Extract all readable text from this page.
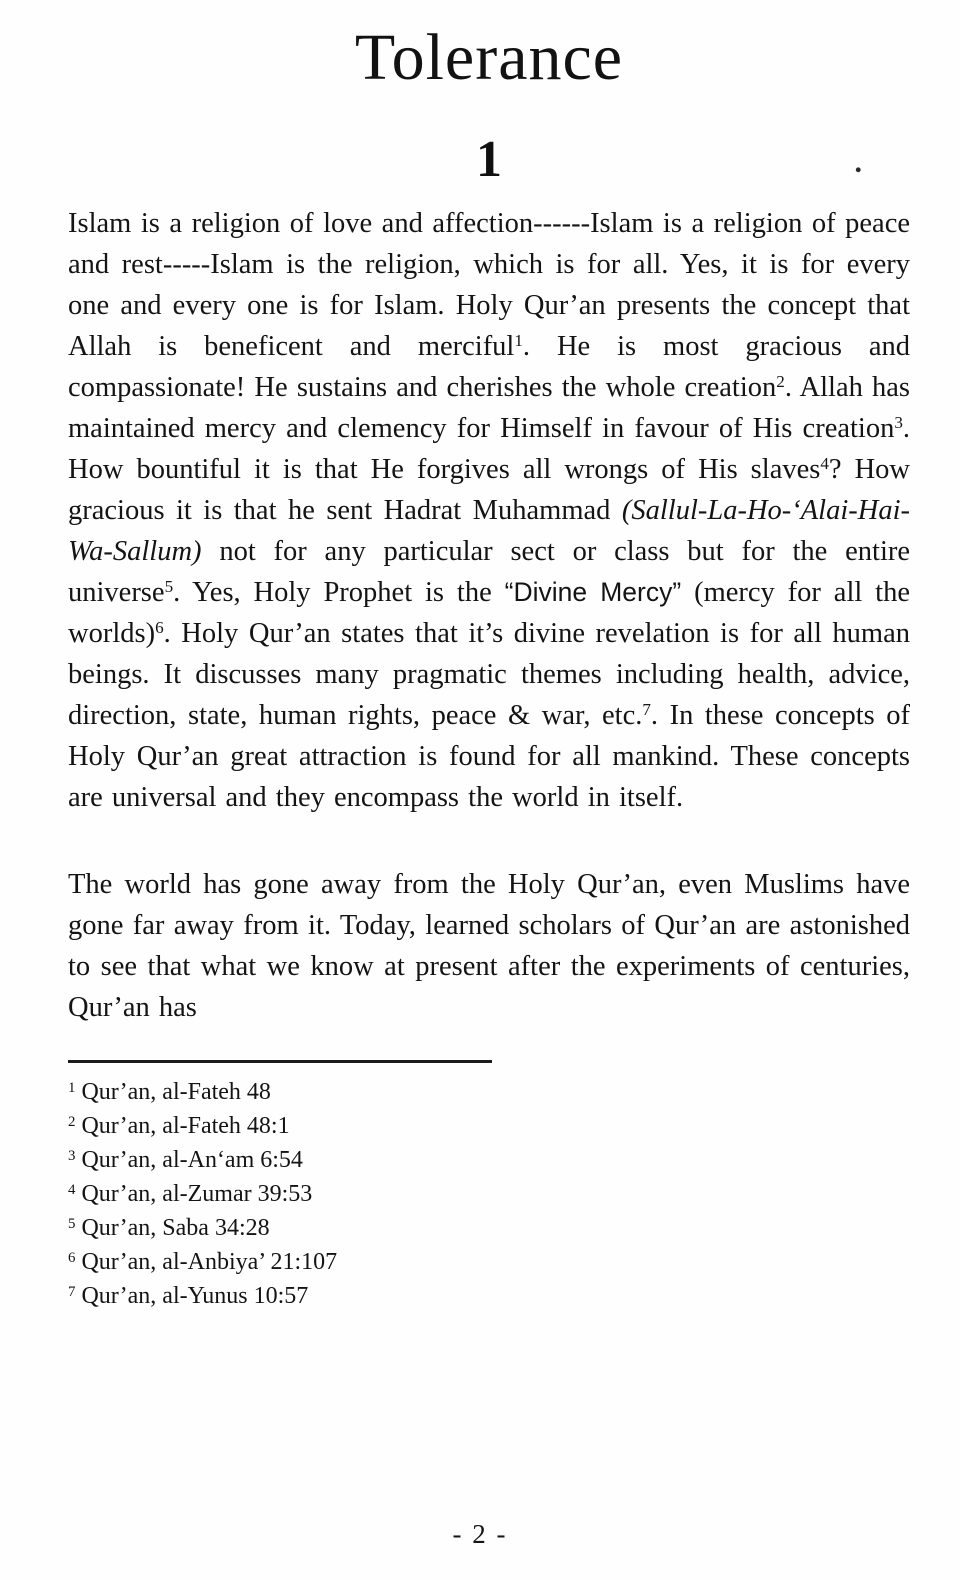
Tolerance
1	.

Islam is a religion of love and affection------Islam is a religion of peace and rest-----Islam is the religion, which is for all. Yes, it is for every one and every one is for Islam. Holy Qur’an presents the concept that Allah is beneficent and merciful$^1$. He is most gracious and compassionate! He sustains and cherishes the whole creation$^2$. Allah has maintained mercy and clemency for Himself in favour of His creation$^3$. How bountiful it is that He forgives all wrongs of His slaves$^4$? How gracious it is that he sent Hadrat Muhammad (Sallul-La-Ho-‘Alai-Hai-Wa-Sallum) not for any particular sect or class but for the entire universe$^5$. Yes, Holy Prophet is the “Divine Mercy” (mercy for all the worlds)$^6$. Holy Qur’an states that it’s divine revelation is for all human beings. It discusses many pragmatic themes including health, advice, direction, state, human rights, peace & war, etc.$^7$. In these concepts of Holy Qur’an great attraction is found for all mankind. These concepts are universal and they encompass the world in itself.

The world has gone away from the Holy Qur’an, even Muslims have gone far away from it. Today, learned scholars of Qur’an are astonished to see that what we know at present after the experiments of centuries, Qur’an has

$^1$ Qur’an, al-Fateh 48
$^2$ Qur’an, al-Fateh 48:1
$^3$ Qur’an, al-An‘am 6:54
$^4$ Qur’an, al-Zumar 39:53
$^5$ Qur’an, Saba 34:28
$^6$ Qur’an, al-Anbiya’ 21:107
$^7$ Qur’an, al-Yunus 10:57
- 2 -
